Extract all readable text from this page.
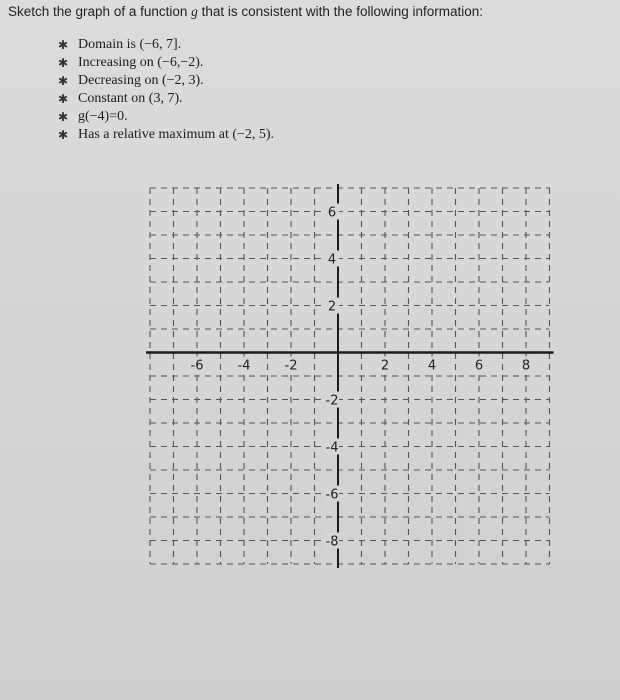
Sketch the graph of a function g that is consistent with the following information:
✱ Domain is (−6, 7].
✱ Increasing on (−6,−2).
✱ Decreasing on (−2, 3).
✱ Constant on (3, 7).
✱ g(−4)=0.
✱ Has a relative maximum at (−2, 5).
-6	-4	-2	2	4	6	8
6
4
2
-2
-4
-6
-8
